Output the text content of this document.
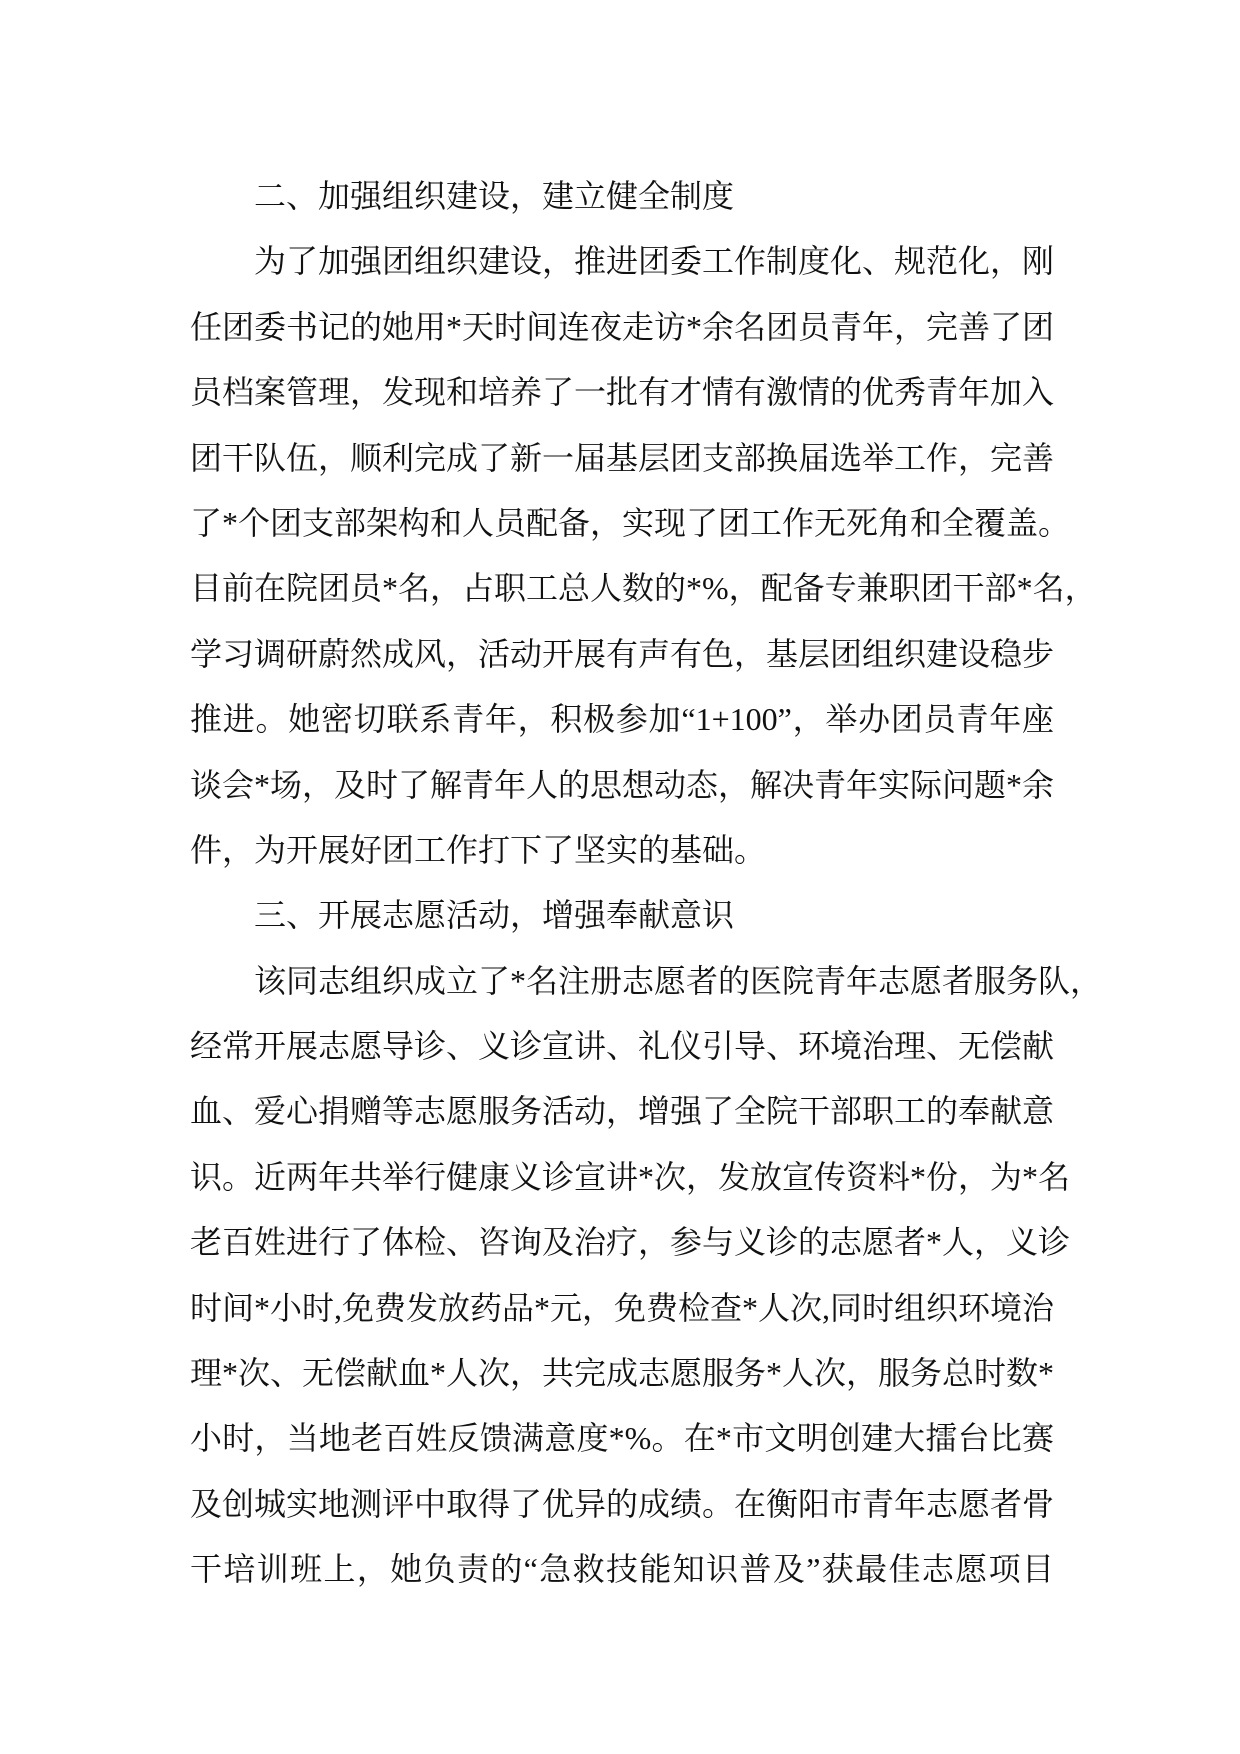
二、加强组织建设，建立健全制度
为了加强团组织建设，推进团委工作制度化、规范化，刚
任团委书记的她用*天时间连夜走访*余名团员青年，完善了团
员档案管理，发现和培养了一批有才情有激情的优秀青年加入
团干队伍，顺利完成了新一届基层团支部换届选举工作，完善
了*个团支部架构和人员配备，实现了团工作无死角和全覆盖。
目前在院团员*名，占职工总人数的*%，配备专兼职团干部*名，
学习调研蔚然成风，活动开展有声有色，基层团组织建设稳步
推进。她密切联系青年，积极参加“1+100”，举办团员青年座
谈会*场，及时了解青年人的思想动态，解决青年实际问题*余
件，为开展好团工作打下了坚实的基础。
三、开展志愿活动，增强奉献意识
该同志组织成立了*名注册志愿者的医院青年志愿者服务队，
经常开展志愿导诊、义诊宣讲、礼仪引导、环境治理、无偿献
血、爱心捐赠等志愿服务活动，增强了全院干部职工的奉献意
识。近两年共举行健康义诊宣讲*次，发放宣传资料*份，为*名
老百姓进行了体检、咨询及治疗，参与义诊的志愿者*人，义诊
时间*小时,免费发放药品*元，免费检查*人次,同时组织环境治
理*次、无偿献血*人次，共完成志愿服务*人次，服务总时数*
小时，当地老百姓反馈满意度*%。在*市文明创建大擂台比赛
及创城实地测评中取得了优异的成绩。在衡阳市青年志愿者骨
干培训班上，她负责的“急救技能知识普及”获最佳志愿项目
